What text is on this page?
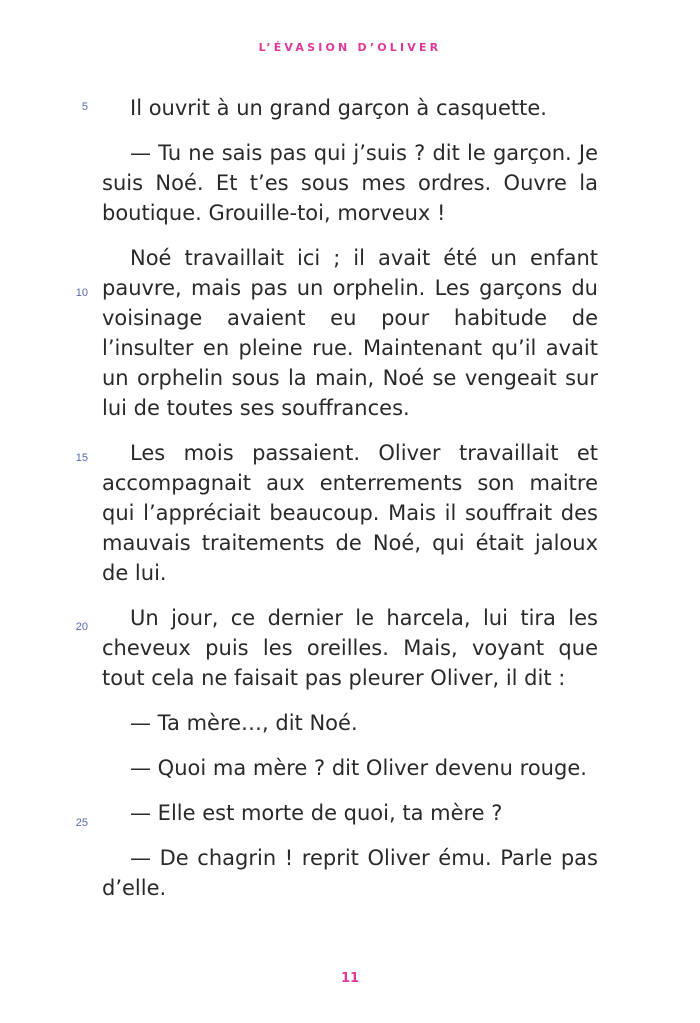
L’ÉVASION D’OLIVER
5
10
15
20
25

Il ouvrit à un grand garçon à casquette.

— Tu ne sais pas qui j’suis ? dit le garçon. Je suis Noé. Et t’es sous mes ordres. Ouvre la boutique. Grouille-toi, morveux !

Noé travaillait ici ; il avait été un enfant pauvre, mais pas un orphelin. Les garçons du voisinage avaient eu pour habitude de l’insulter en pleine rue. Maintenant qu’il avait un orphelin sous la main, Noé se vengeait sur lui de toutes ses souffrances.

Les mois passaient. Oliver travaillait et accompagnait aux enterrements son maitre qui l’appréciait beaucoup. Mais il souffrait des mauvais traitements de Noé, qui était jaloux de lui.

Un jour, ce dernier le harcela, lui tira les cheveux puis les oreilles. Mais, voyant que tout cela ne faisait pas pleurer Oliver, il dit :

— Ta mère…, dit Noé.

— Quoi ma mère ? dit Oliver devenu rouge.

— Elle est morte de quoi, ta mère ?

— De chagrin ! reprit Oliver ému. Parle pas d’elle.

11
